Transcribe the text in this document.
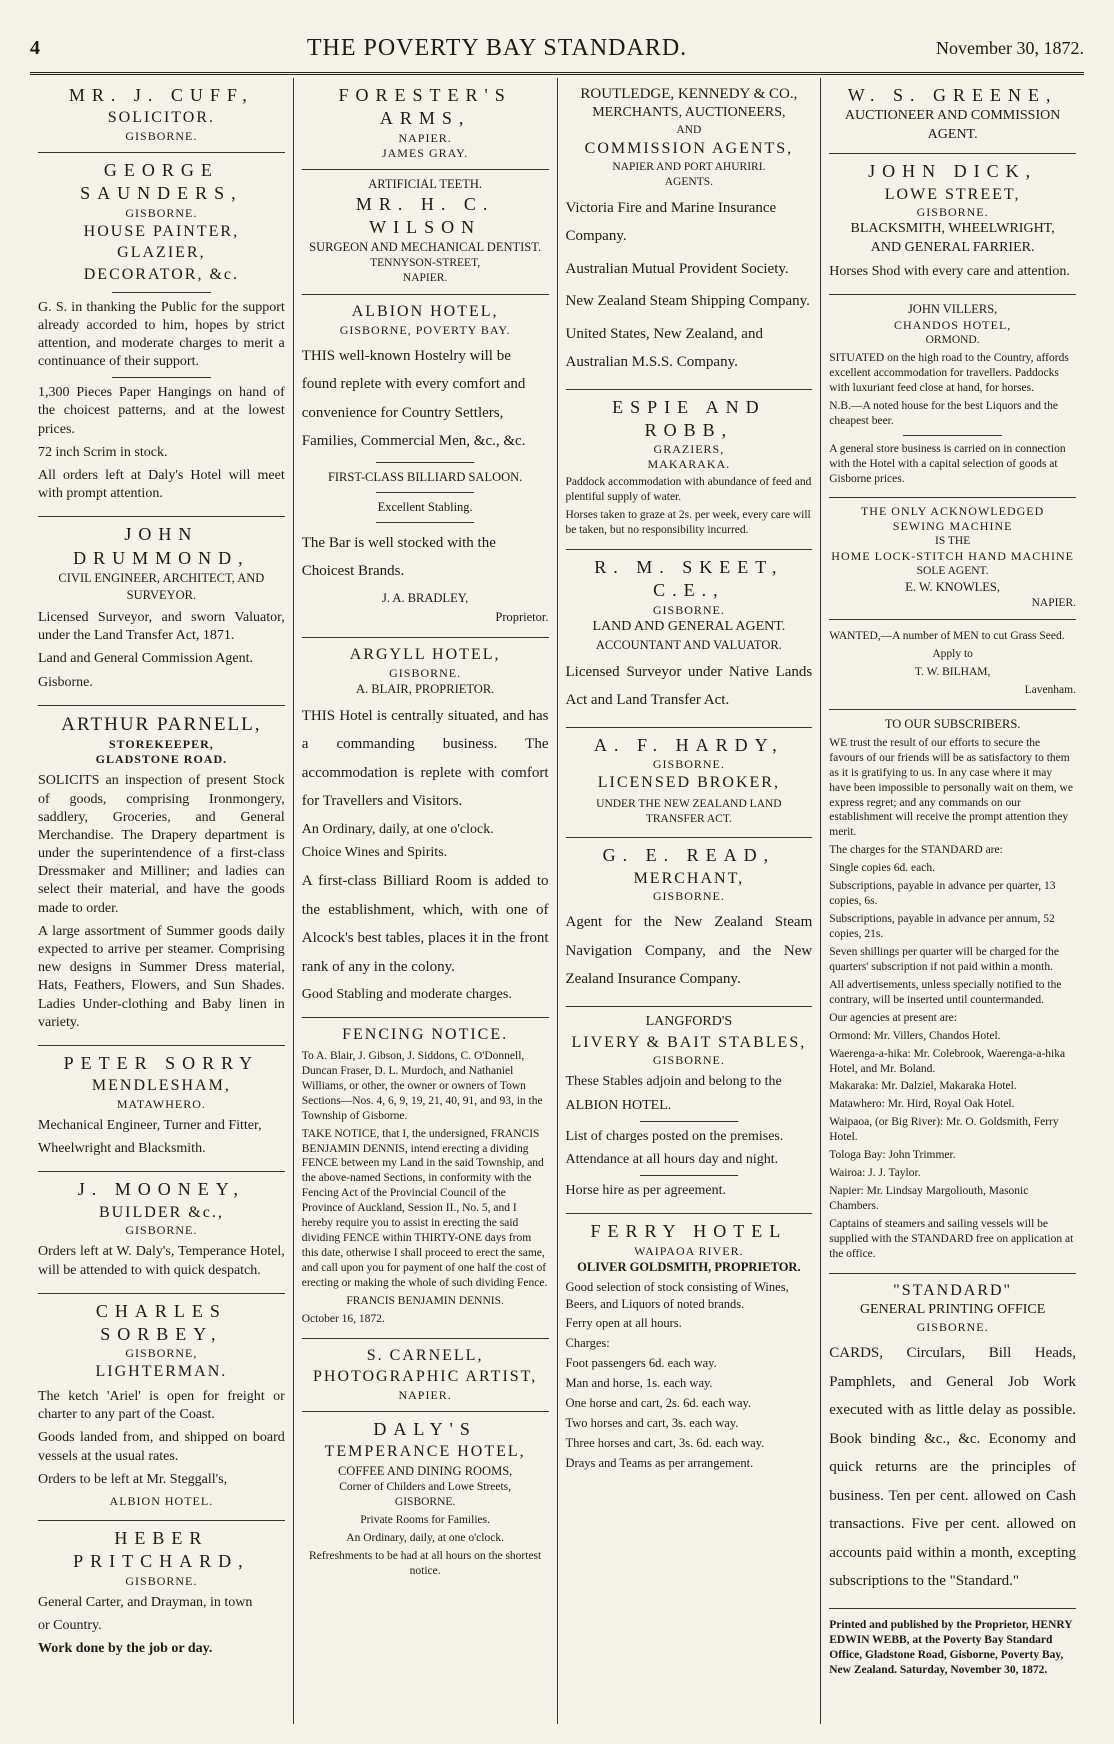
4	THE POVERTY BAY STANDARD.	November 30, 1872.
MR. J. CUFF,
SOLICITOR.
GISBORNE.
GEORGE SAUNDERS,
GISBORNE.
HOUSE PAINTER, GLAZIER,
DECORATOR, &c.

G. S. in thanking the Public for the support already accorded to him, hopes by strict attention, and moderate charges to merit a continuance of their support.

1,300 Pieces Paper Hangings on hand of the choicest patterns, and at the lowest prices.

72 inch Scrim in stock.

All orders left at Daly's Hotel will meet with prompt attention.

JOHN DRUMMOND,
CIVIL ENGINEER, ARCHITECT, AND SURVEYOR.

Licensed Surveyor, and sworn Valuator, under the Land Transfer Act, 1871.

Land and General Commission Agent.

Gisborne.

ARTHUR PARNELL,
STOREKEEPER,
GLADSTONE ROAD.

SOLICITS an inspection of present Stock of goods, comprising Ironmongery, saddlery, Groceries, and General Merchandise. The Drapery department is under the superintendence of a first-class Dressmaker and Milliner; and ladies can select their material, and have the goods made to order.

A large assortment of Summer goods daily expected to arrive per steamer. Comprising new designs in Summer Dress material, Hats, Feathers, Flowers, and Sun Shades. Ladies Under-clothing and Baby linen in variety.

PETER SORRY
MENDLESHAM,
MATAWHERO.

Mechanical Engineer, Turner and Fitter,

Wheelwright and Blacksmith.

J. MOONEY,
BUILDER &c.,
GISBORNE.

Orders left at W. Daly's, Temperance Hotel, will be attended to with quick despatch.

CHARLES SORBEY,
GISBORNE,
LIGHTERMAN.

The ketch 'Ariel' is open for freight or charter to any part of the Coast.

Goods landed from, and shipped on board vessels at the usual rates.

Orders to be left at Mr. Steggall's,

ALBION HOTEL.

HEBER PRITCHARD,
GISBORNE.

General Carter, and Drayman, in town

or Country.

Work done by the job or day.

FORESTER'S ARMS,
NAPIER.
JAMES GRAY.
ARTIFICIAL TEETH.
MR. H. C. WILSON
SURGEON AND MECHANICAL DENTIST.
TENNYSON-STREET,
NAPIER.
ALBION HOTEL,
GISBORNE, POVERTY BAY.

THIS well-known Hostelry will be found replete with every comfort and convenience for Country Settlers, Families, Commercial Men, &c., &c.

FIRST-CLASS BILLIARD SALOON.

Excellent Stabling.

The Bar is well stocked with the Choicest Brands.

J. A. BRADLEY,

Proprietor.

ARGYLL HOTEL,
GISBORNE.
A. BLAIR, PROPRIETOR.

THIS Hotel is centrally situated, and has a commanding business. The accommodation is replete with comfort for Travellers and Visitors.

An Ordinary, daily, at one o'clock.

Choice Wines and Spirits.

A first-class Billiard Room is added to the establishment, which, with one of Alcock's best tables, places it in the front rank of any in the colony.

Good Stabling and moderate charges.

FENCING NOTICE.

To A. Blair, J. Gibson, J. Siddons, C. O'Donnell, Duncan Fraser, D. L. Murdoch, and Nathaniel Williams, or other, the owner or owners of Town Sections—Nos. 4, 6, 9, 19, 21, 40, 91, and 93, in the Township of Gisborne.

TAKE NOTICE, that I, the undersigned, FRANCIS BENJAMIN DENNIS, intend erecting a dividing FENCE between my Land in the said Township, and the above-named Sections, in conformity with the Fencing Act of the Provincial Council of the Province of Auckland, Session II., No. 5, and I hereby require you to assist in erecting the said dividing FENCE within THIRTY-ONE days from this date, otherwise I shall proceed to erect the same, and call upon you for payment of one half the cost of erecting or making the whole of such dividing Fence.

FRANCIS BENJAMIN DENNIS.

October 16, 1872.

S. CARNELL,
PHOTOGRAPHIC ARTIST,
NAPIER.
DALY'S
TEMPERANCE HOTEL,
COFFEE AND DINING ROOMS,
Corner of Childers and Lowe Streets,
GISBORNE.

Private Rooms for Families.

An Ordinary, daily, at one o'clock.

Refreshments to be had at all hours on the shortest notice.

ROUTLEDGE, KENNEDY & CO.,
MERCHANTS, AUCTIONEERS,
AND
COMMISSION AGENTS,
NAPIER AND PORT AHURIRI.
AGENTS.

Victoria Fire and Marine Insurance Company.

Australian Mutual Provident Society.

New Zealand Steam Shipping Company.

United States, New Zealand, and Australian M.S.S. Company.

ESPIE AND ROBB,
GRAZIERS,
MAKARAKA.

Paddock accommodation with abundance of feed and plentiful supply of water.

Horses taken to graze at 2s. per week, every care will be taken, but no responsibility incurred.

R. M. SKEET, C.E.,
GISBORNE.
LAND AND GENERAL AGENT.
ACCOUNTANT AND VALUATOR.

Licensed Surveyor under Native Lands Act and Land Transfer Act.

A. F. HARDY,
GISBORNE.
LICENSED BROKER,

UNDER THE NEW ZEALAND LAND TRANSFER ACT.

G. E. READ,
MERCHANT,
GISBORNE.

Agent for the New Zealand Steam Navigation Company, and the New Zealand Insurance Company.

LANGFORD'S
LIVERY & BAIT STABLES,
GISBORNE.

These Stables adjoin and belong to the

ALBION HOTEL.

List of charges posted on the premises.

Attendance at all hours day and night.

Horse hire as per agreement.

FERRY HOTEL
WAIPAOA RIVER.
OLIVER GOLDSMITH, PROPRIETOR.

Good selection of stock consisting of Wines, Beers, and Liquors of noted brands.

Ferry open at all hours.

Charges:

Foot passengers 6d. each way.

Man and horse, 1s. each way.

One horse and cart, 2s. 6d. each way.

Two horses and cart, 3s. each way.

Three horses and cart, 3s. 6d. each way.

Drays and Teams as per arrangement.

W. S. GREENE,
AUCTIONEER AND COMMISSION AGENT.
JOHN DICK,
LOWE STREET,
GISBORNE.
BLACKSMITH, WHEELWRIGHT,
AND GENERAL FARRIER.

Horses Shod with every care and attention.

JOHN VILLERS,
CHANDOS HOTEL,
ORMOND.

SITUATED on the high road to the Country, affords excellent accommodation for travellers. Paddocks with luxuriant feed close at hand, for horses.

N.B.—A noted house for the best Liquors and the cheapest beer.

A general store business is carried on in connection with the Hotel with a capital selection of goods at Gisborne prices.

THE ONLY ACKNOWLEDGED
SEWING MACHINE
IS THE
HOME LOCK-STITCH HAND MACHINE
SOLE AGENT.
E. W. KNOWLES,
NAPIER.

WANTED,—A number of MEN to cut Grass Seed.

Apply to

T. W. BILHAM,

Lavenham.

TO OUR SUBSCRIBERS.

WE trust the result of our efforts to secure the favours of our friends will be as satisfactory to them as it is gratifying to us. In any case where it may have been impossible to personally wait on them, we express regret; and any commands on our establishment will receive the prompt attention they merit.

The charges for the STANDARD are:

Single copies 6d. each.

Subscriptions, payable in advance per quarter, 13 copies, 6s.

Subscriptions, payable in advance per annum, 52 copies, 21s.

Seven shillings per quarter will be charged for the quarters' subscription if not paid within a month.

All advertisements, unless specially notified to the contrary, will be inserted until countermanded.

Our agencies at present are:

Ormond: Mr. Villers, Chandos Hotel.

Waerenga-a-hika: Mr. Colebrook, Waerenga-a-hika Hotel, and Mr. Boland.

Makaraka: Mr. Dalziel, Makaraka Hotel.

Matawhero: Mr. Hird, Royal Oak Hotel.

Waipaoa, (or Big River): Mr. O. Goldsmith, Ferry Hotel.

Tologa Bay: John Trimmer.

Wairoa: J. J. Taylor.

Napier: Mr. Lindsay Margoliouth, Masonic Chambers.

Captains of steamers and sailing vessels will be supplied with the STANDARD free on application at the office.

"STANDARD"
GENERAL PRINTING OFFICE
GISBORNE.

CARDS, Circulars, Bill Heads, Pamphlets, and General Job Work executed with as little delay as possible. Book binding &c., &c. Economy and quick returns are the principles of business. Ten per cent. allowed on Cash transactions. Five per cent. allowed on accounts paid within a month, excepting subscriptions to the "Standard."

Printed and published by the Proprietor, HENRY EDWIN WEBB, at the Poverty Bay Standard Office, Gladstone Road, Gisborne, Poverty Bay, New Zealand. Saturday, November 30, 1872.
